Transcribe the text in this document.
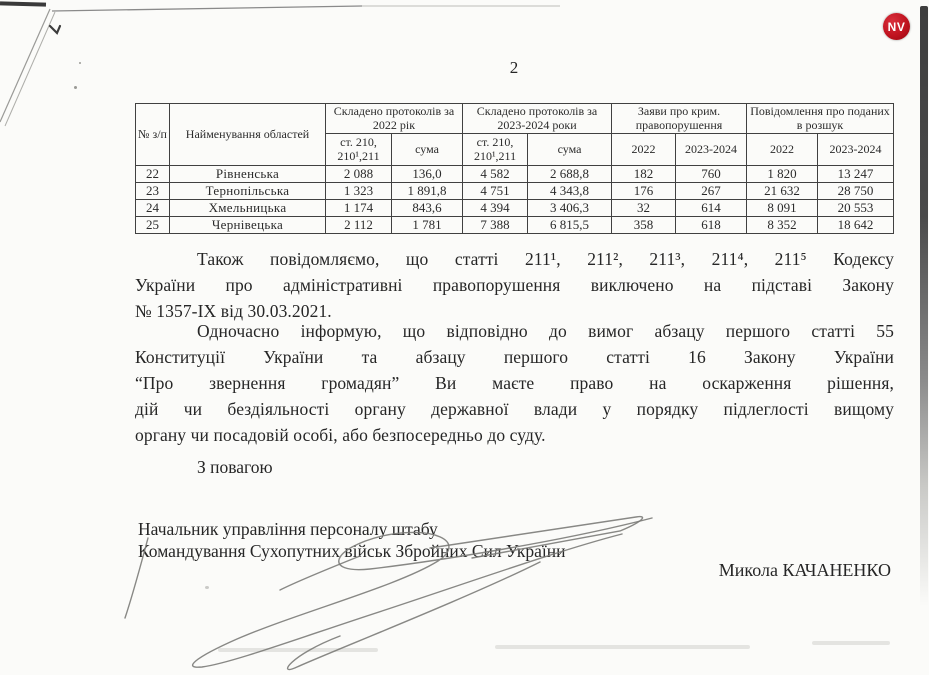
NV
2
№ з/п	Найменування областей	Складено протоколів за 2022 рік		Складено протоколів за 2023-2024 роки		Заяви про крим. правопорушення		Повідомлення про поданих в розшук	
		ст. 210, 210¹,211	сума	ст. 210, 210¹,211	сума	2022	2023-2024	2022	2023-2024
22	Рівненська	2 088	136,0	4 582	2 688,8	182	760	1 820	13 247
23	Тернопільська	1 323	1 891,8	4 751	4 343,8	176	267	21 632	28 750
24	Хмельницька	1 174	843,6	4 394	3 406,3	32	614	8 091	20 553
25	Чернівецька	2 112	1 781	7 388	6 815,5	358	618	8 352	18 642

Також повідомляємо, що статті 211¹, 211², 211³, 211⁴, 211⁵ Кодексу
України про адміністративні правопорушення виключено на підставі Закону
№ 1357-ІХ від 30.03.2021.

Одночасно інформую, що відповідно до вимог абзацу першого статті 55
Конституції України та абзацу першого статті 16 Закону України
“Про звернення громадян” Ви маєте право на оскарження рішення,
дій чи бездіяльності органу державної влади у порядку підлеглості вищому
органу чи посадовій особі, або безпосередньо до суду.

З повагою
Начальник управління персоналу штабу
Командування Сухопутних військ Збройних Сил України
Микола КАЧАНЕНКО
